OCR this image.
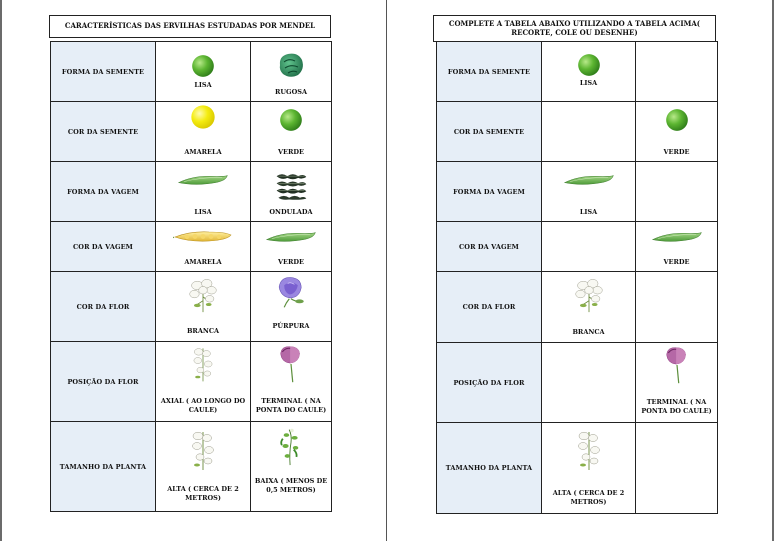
CARACTERÍSTICAS DAS ERVILHAS ESTUDADAS POR MENDEL
FORMA DA SEMENTE	LISA	RUGOSA

COR DA SEMENTE	AMARELA	VERDE

FORMA DA VAGEM	LISA	ONDULADA

COR DA VAGEM	AMARELA	VERDE

COR DA FLOR	BRANCA	PÚRPURA

POSIÇÃO DA FLOR	AXIAL ( AO LONGO DO CAULE)	TERMINAL ( NA PONTA DO CAULE)

TAMANHO DA PLANTA	ALTA ( CERCA DE 2 METROS)	BAIXA ( MENOS DE 0,5 METROS)
COMPLETE A TABELA ABAIXO UTILIZANDO A TABELA ACIMA( RECORTE, COLE OU DESENHE)
FORMA DA SEMENTE	LISA	

COR DA SEMENTE		VERDE

FORMA DA VAGEM	LISA	

COR DA VAGEM		VERDE

COR DA FLOR	BRANCA	

POSIÇÃO DA FLOR		TERMINAL ( NA PONTA DO CAULE)

TAMANHO DA PLANTA	ALTA ( CERCA DE 2 METROS)	
